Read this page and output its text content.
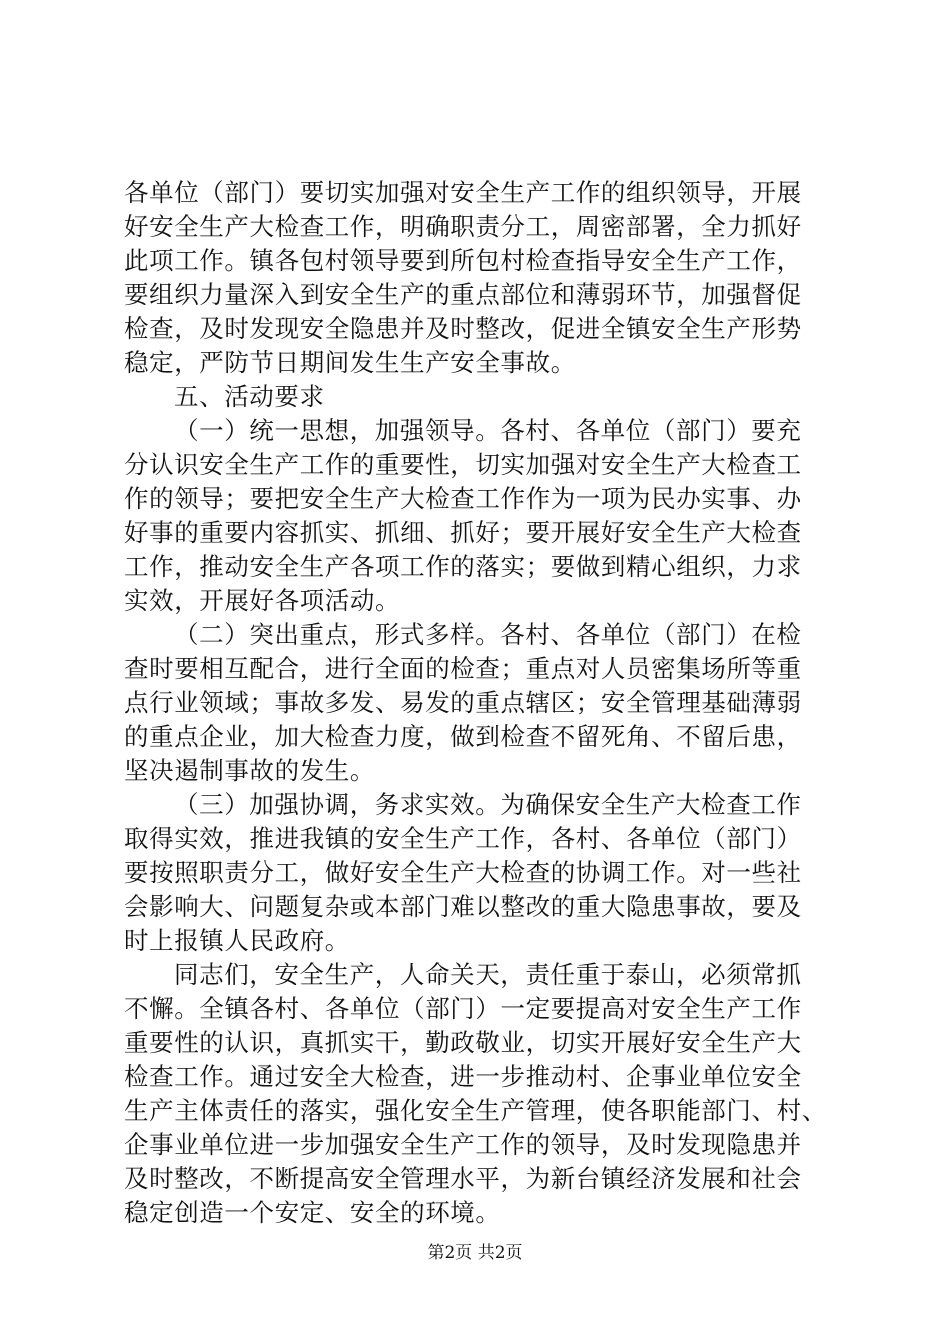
各单位（部门）要切实加强对安全生产工作的组织领导，开展
好安全生产大检查工作，明确职责分工，周密部署，全力抓好
此项工作。镇各包村领导要到所包村检查指导安全生产工作，
要组织力量深入到安全生产的重点部位和薄弱环节，加强督促
检查，及时发现安全隐患并及时整改，促进全镇安全生产形势
稳定，严防节日期间发生生产安全事故。
五、活动要求
（一）统一思想，加强领导。各村、各单位（部门）要充
分认识安全生产工作的重要性，切实加强对安全生产大检查工
作的领导；要把安全生产大检查工作作为一项为民办实事、办
好事的重要内容抓实、抓细、抓好；要开展好安全生产大检查
工作，推动安全生产各项工作的落实；要做到精心组织，力求
实效，开展好各项活动。
（二）突出重点，形式多样。各村、各单位（部门）在检
查时要相互配合，进行全面的检查；重点对人员密集场所等重
点行业领域；事故多发、易发的重点辖区；安全管理基础薄弱
的重点企业，加大检查力度，做到检查不留死角、不留后患，
坚决遏制事故的发生。
（三）加强协调，务求实效。为确保安全生产大检查工作
取得实效，推进我镇的安全生产工作，各村、各单位（部门）
要按照职责分工，做好安全生产大检查的协调工作。对一些社
会影响大、问题复杂或本部门难以整改的重大隐患事故，要及
时上报镇人民政府。
同志们，安全生产，人命关天，责任重于泰山，必须常抓
不懈。全镇各村、各单位（部门）一定要提高对安全生产工作
重要性的认识，真抓实干，勤政敬业，切实开展好安全生产大
检查工作。通过安全大检查，进一步推动村、企事业单位安全
生产主体责任的落实，强化安全生产管理，使各职能部门、村、
企事业单位进一步加强安全生产工作的领导，及时发现隐患并
及时整改，不断提高安全管理水平，为新台镇经济发展和社会
稳定创造一个安定、安全的环境。
第2页 共2页
